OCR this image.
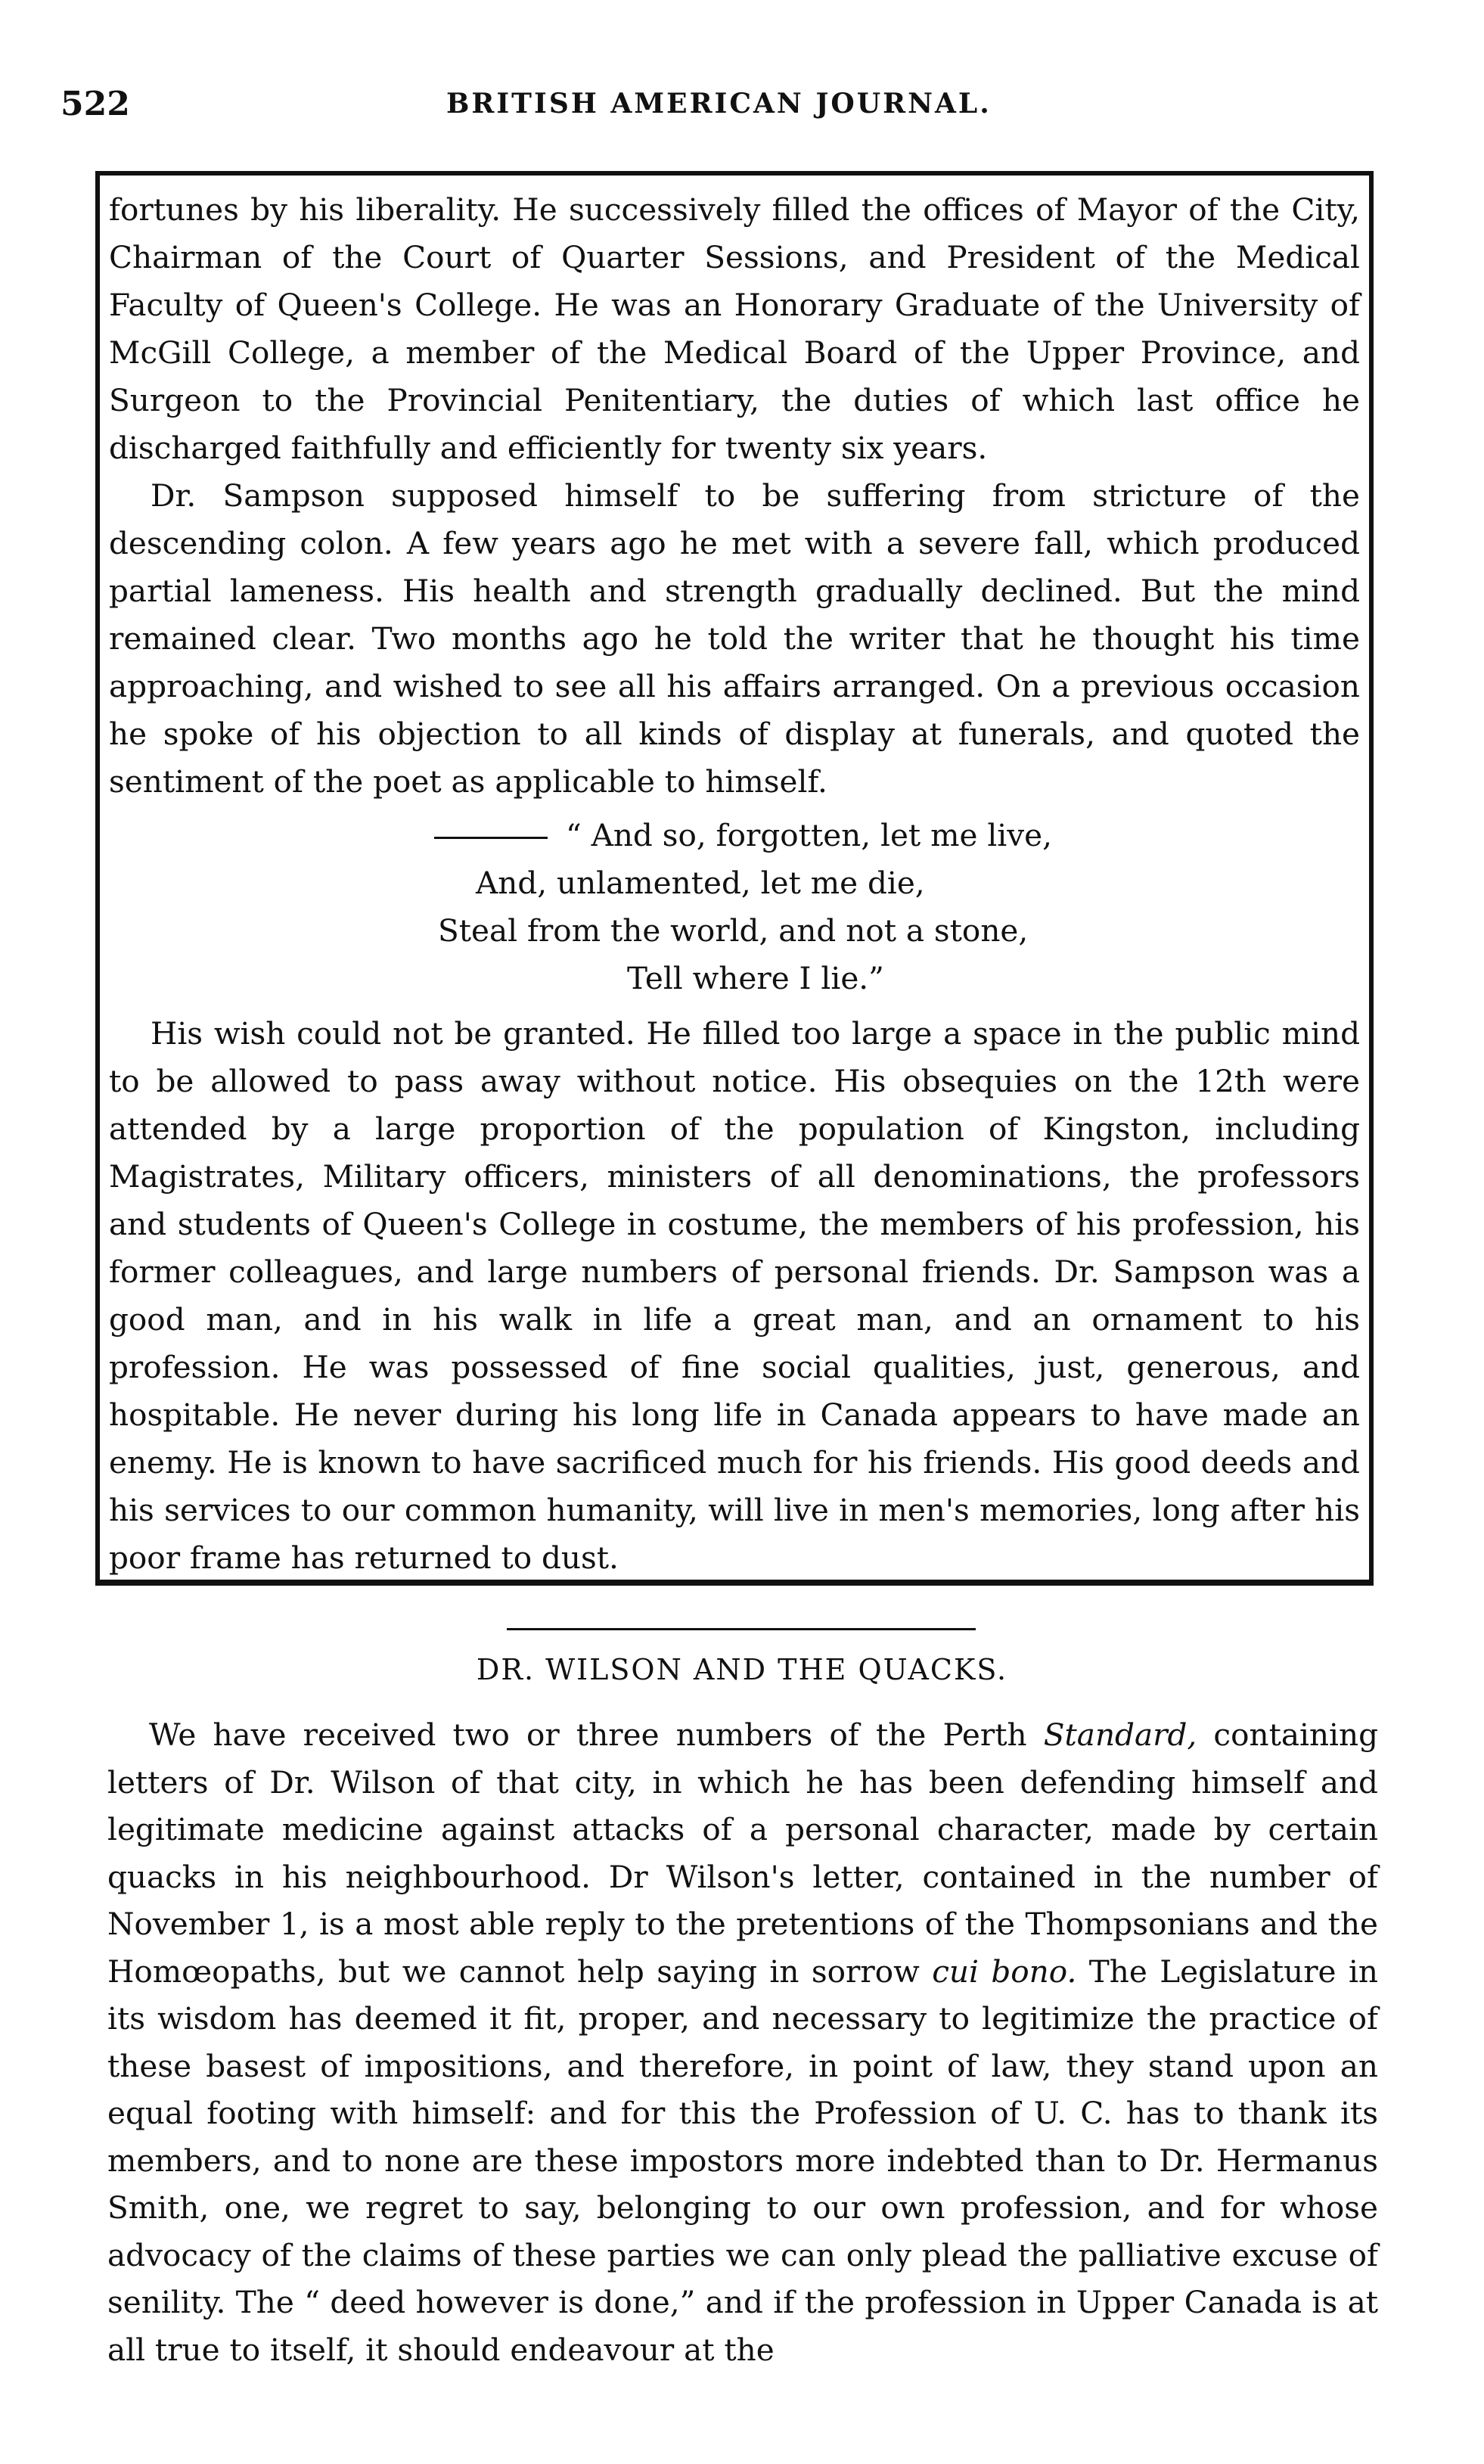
522	BRITISH AMERICAN JOURNAL.

fortunes by his liberality. He successively filled the offices of Mayor of the City, Chairman of the Court of Quarter Sessions, and President of the Medical Faculty of Queen's College. He was an Honorary Graduate of the University of McGill College, a member of the Medical Board of the Upper Province, and Surgeon to the Provincial Penitentiary, the duties of which last office he discharged faithfully and efficiently for twenty six years.

Dr. Sampson supposed himself to be suffering from stricture of the descending colon. A few years ago he met with a severe fall, which produced partial lameness. His health and strength gradually declined. But the mind remained clear. Two months ago he told the writer that he thought his time approaching, and wished to see all his affairs arranged. On a previous occasion he spoke of his objection to all kinds of display at funerals, and quoted the sentiment of the poet as applicable to himself.

“ And so, forgotten, let me live,
And, unlamented, let me die,
Steal from the world, and not a stone,
Tell where I lie.”

His wish could not be granted. He filled too large a space in the public mind to be allowed to pass away without notice. His obsequies on the 12th were attended by a large proportion of the population of Kingston, including Magistrates, Military officers, ministers of all denominations, the professors and students of Queen's College in costume, the members of his profession, his former colleagues, and large numbers of personal friends. Dr. Sampson was a good man, and in his walk in life a great man, and an ornament to his profession. He was possessed of fine social qualities, just, generous, and hospitable. He never during his long life in Canada appears to have made an enemy. He is known to have sacrificed much for his friends. His good deeds and his services to our common humanity, will live in men's memories, long after his poor frame has returned to dust.

DR. WILSON AND THE QUACKS.

We have received two or three numbers of the Perth Standard, containing letters of Dr. Wilson of that city, in which he has been defending himself and legitimate medicine against attacks of a personal character, made by certain quacks in his neighbourhood. Dr Wilson's letter, contained in the number of November 1, is a most able reply to the pretentions of the Thompsonians and the Homœopaths, but we cannot help saying in sorrow cui bono. The Legislature in its wisdom has deemed it fit, proper, and necessary to legitimize the practice of these basest of impositions, and therefore, in point of law, they stand upon an equal footing with himself: and for this the Profession of U. C. has to thank its members, and to none are these impostors more indebted than to Dr. Hermanus Smith, one, we regret to say, belonging to our own profession, and for whose advocacy of the claims of these parties we can only plead the palliative excuse of senility. The “ deed however is done,” and if the profession in Upper Canada is at all true to itself, it should endeavour at the
